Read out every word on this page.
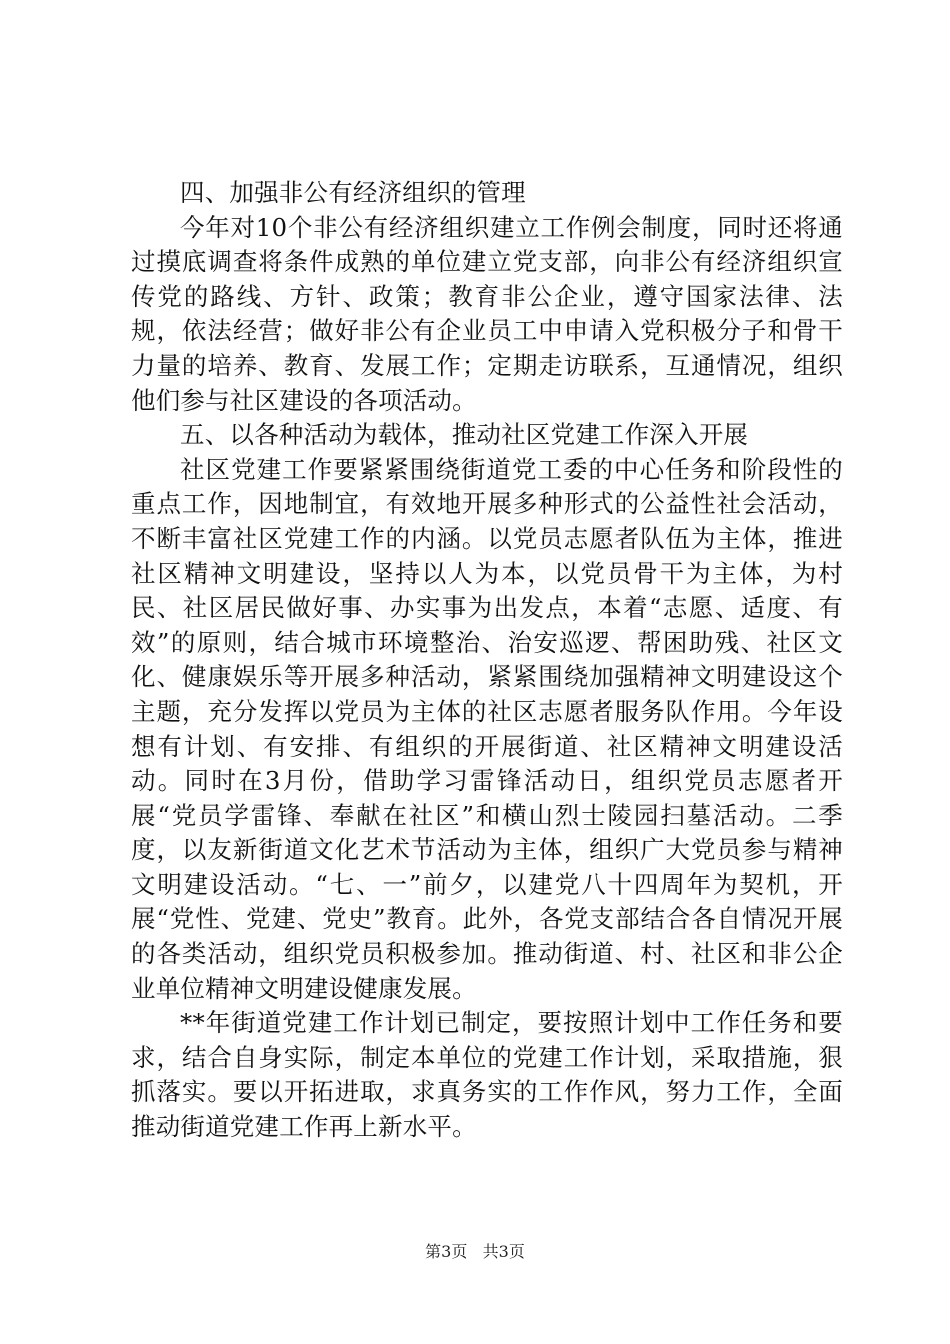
四、加强非公有经济组织的管理

今年对10个非公有经济组织建立工作例会制度，同时还将通过摸底调查将条件成熟的单位建立党支部，向非公有经济组织宣传党的路线、方针、政策；教育非公企业，遵守国家法律、法规，依法经营；做好非公有企业员工中申请入党积极分子和骨干力量的培养、教育、发展工作；定期走访联系，互通情况，组织他们参与社区建设的各项活动。

五、以各种活动为载体，推动社区党建工作深入开展

社区党建工作要紧紧围绕街道党工委的中心任务和阶段性的重点工作，因地制宜，有效地开展多种形式的公益性社会活动，不断丰富社区党建工作的内涵。以党员志愿者队伍为主体，推进社区精神文明建设，坚持以人为本，以党员骨干为主体，为村民、社区居民做好事、办实事为出发点，本着“志愿、适度、有效”的原则，结合城市环境整治、治安巡逻、帮困助残、社区文化、健康娱乐等开展多种活动，紧紧围绕加强精神文明建设这个主题，充分发挥以党员为主体的社区志愿者服务队作用。今年设想有计划、有安排、有组织的开展街道、社区精神文明建设活动。同时在3月份，借助学习雷锋活动日，组织党员志愿者开展“党员学雷锋、奉献在社区”和横山烈士陵园扫墓活动。二季度，以友新街道文化艺术节活动为主体，组织广大党员参与精神文明建设活动。“七、一”前夕，以建党八十四周年为契机，开展“党性、党建、党史”教育。此外，各党支部结合各自情况开展的各类活动，组织党员积极参加。推动街道、村、社区和非公企业单位精神文明建设健康发展。

**年街道党建工作计划已制定，要按照计划中工作任务和要求，结合自身实际，制定本单位的党建工作计划，采取措施，狠抓落实。要以开拓进取，求真务实的工作作风，努力工作，全面推动街道党建工作再上新水平。

第3页 共3页
